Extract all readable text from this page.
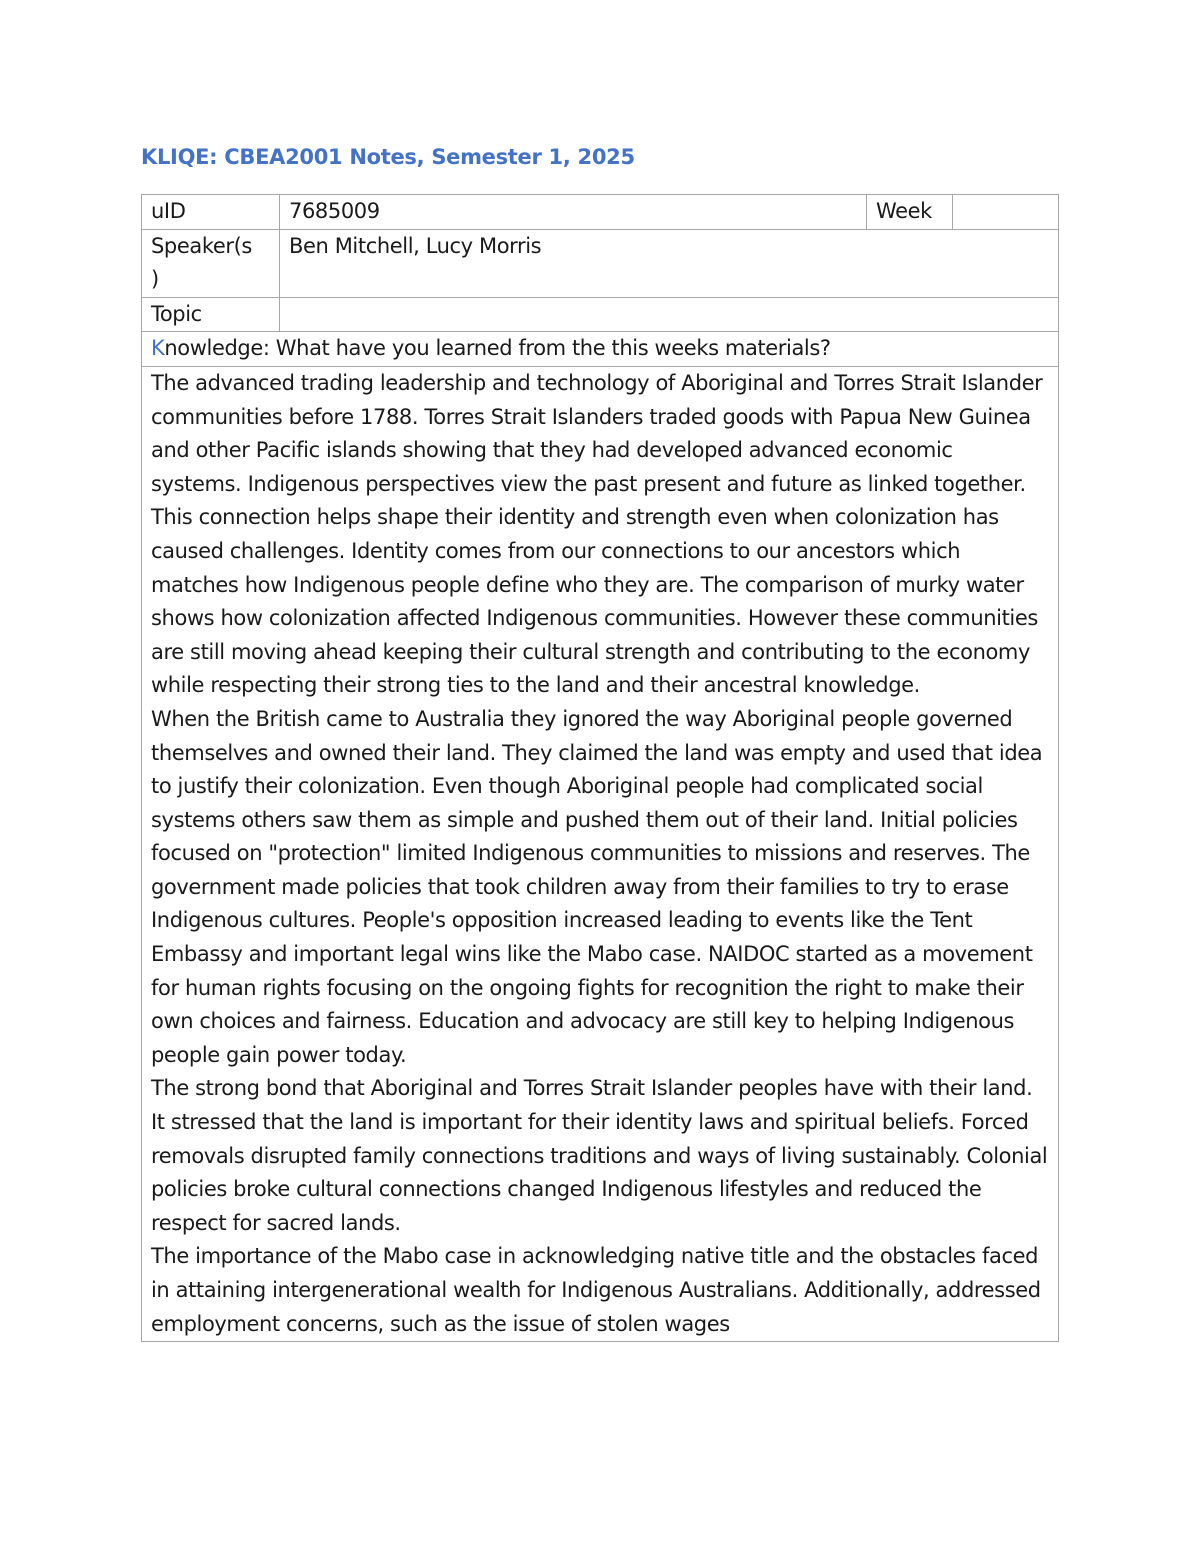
KLIQE: CBEA2001 Notes, Semester 1, 2025
uID	7685009	Week	
Speaker(s
)	Ben Mitchell, Lucy Morris		
Topic			
Knowledge: What have you learned from the this weeks materials?			

The advanced trading leadership and technology of Aboriginal and Torres Strait Islander communities before 1788. Torres Strait Islanders traded goods with Papua New Guinea and other Pacific islands showing that they had developed advanced economic systems. Indigenous perspectives view the past present and future as linked together. This connection helps shape their identity and strength even when colonization has caused challenges. Identity comes from our connections to our ancestors which matches how Indigenous people define who they are. The comparison of murky water shows how colonization affected Indigenous communities. However these communities are still moving ahead keeping their cultural strength and contributing to the economy while respecting their strong ties to the land and their ancestral knowledge.

When the British came to Australia they ignored the way Aboriginal people governed themselves and owned their land. They claimed the land was empty and used that idea to justify their colonization. Even though Aboriginal people had complicated social systems others saw them as simple and pushed them out of their land. Initial policies focused on "protection" limited Indigenous communities to missions and reserves. The government made policies that took children away from their families to try to erase Indigenous cultures. People's opposition increased leading to events like the Tent Embassy and important legal wins like the Mabo case. NAIDOC started as a movement for human rights focusing on the ongoing fights for recognition the right to make their own choices and fairness. Education and advocacy are still key to helping Indigenous people gain power today.

The strong bond that Aboriginal and Torres Strait Islander peoples have with their land. It stressed that the land is important for their identity laws and spiritual beliefs. Forced removals disrupted family connections traditions and ways of living sustainably. Colonial policies broke cultural connections changed Indigenous lifestyles and reduced the respect for sacred lands.

The importance of the Mabo case in acknowledging native title and the obstacles faced in attaining intergenerational wealth for Indigenous Australians. Additionally, addressed employment concerns, such as the issue of stolen wages			
